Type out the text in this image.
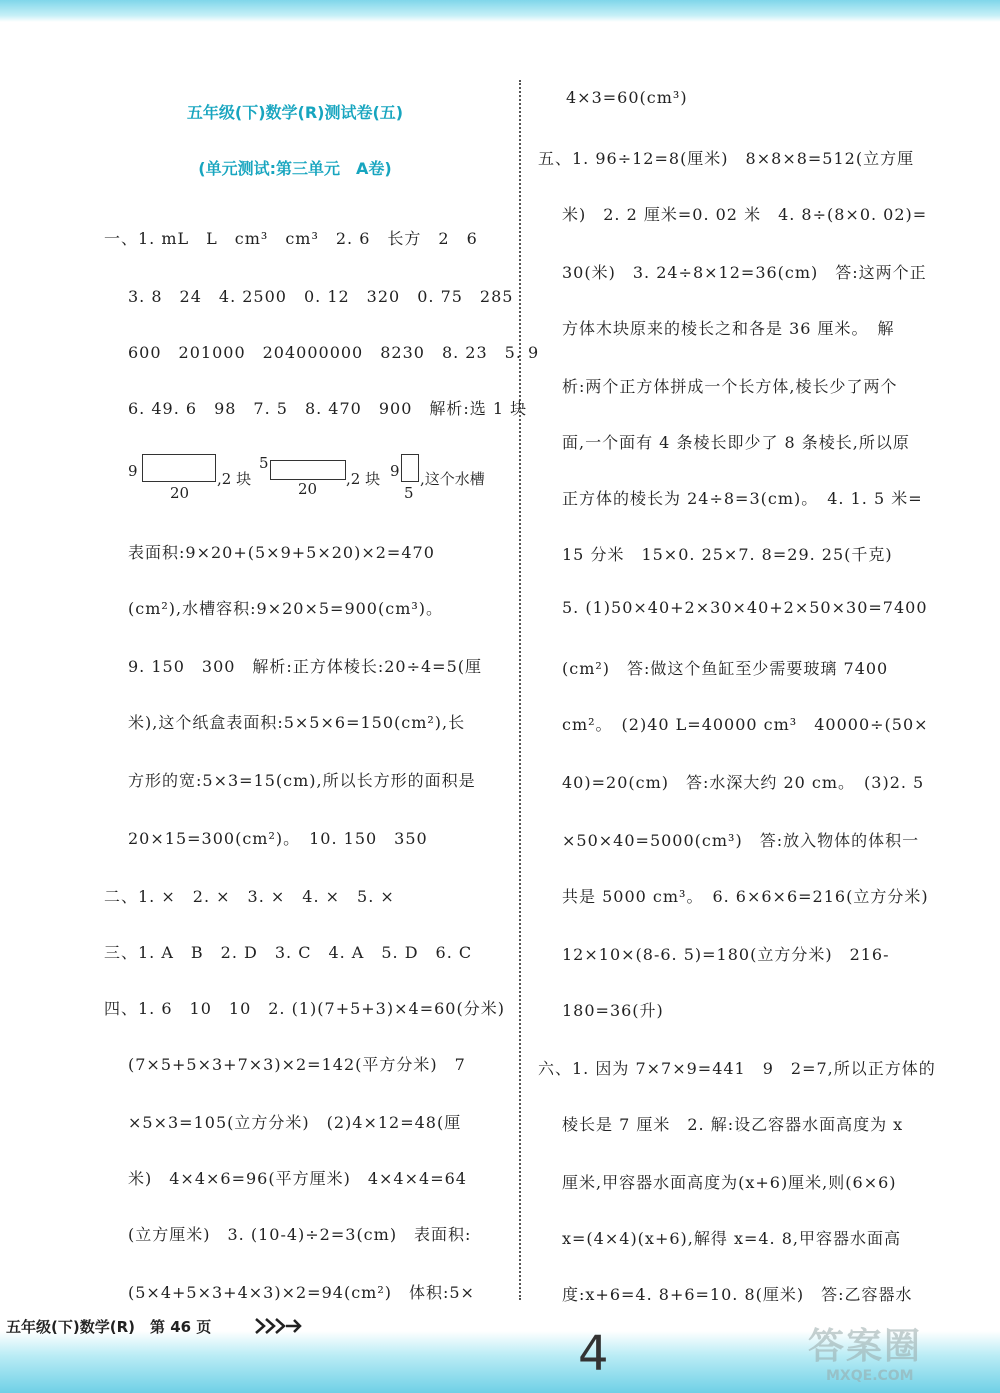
五年级(下)数学(R)测试卷(五)
(单元测试:第三单元　A卷)
一、1. mL　L　cm³　cm³　2. 6　长方　2　6
3. 8　24　4. 2500　0. 12　320　0. 75　285
600　201000　204000000　8230　8. 23　5. 9
6. 49. 6　98　7. 5　8. 470　900　解析:选 1 块
表面积:9×20+(5×9+5×20)×2=470
(cm²),水槽容积:9×20×5=900(cm³)。
9. 150　300　解析:正方体棱长:20÷4=5(厘
米),这个纸盒表面积:5×5×6=150(cm²),长
方形的宽:5×3=15(cm),所以长方形的面积是
20×15=300(cm²)。　10. 150　350
二、1. ×　2. ×　3. ×　4. ×　5. ×
三、1. A　B　2. D　3. C　4. A　5. D　6. C
四、1. 6　10　10　2. (1)(7+5+3)×4=60(分米)
(7×5+5×3+7×3)×2=142(平方分米)　7
×5×3=105(立方分米)　(2)4×12=48(厘
米)　4×4×6=96(平方厘米)　4×4×4=64
(立方厘米)　3. (10-4)÷2=3(cm)　表面积:
(5×4+5×3+4×3)×2=94(cm²)　体积:5×
9
20
,2 块
5
20
,2 块 9
5
,这个水槽
4×3=60(cm³)
五、1. 96÷12=8(厘米)　8×8×8=512(立方厘
米)　2. 2 厘米=0. 02 米　4. 8÷(8×0. 02)=
30(米)　3. 24÷8×12=36(cm)　答:这两个正
方体木块原来的棱长之和各是 36 厘米。　解
析:两个正方体拼成一个长方体,棱长少了两个
面,一个面有 4 条棱长即少了 8 条棱长,所以原
正方体的棱长为 24÷8=3(cm)。　4. 1. 5 米=
15 分米　15×0. 25×7. 8=29. 25(千克)
5. (1)50×40+2×30×40+2×50×30=7400
(cm²)　答:做这个鱼缸至少需要玻璃 7400
cm²。　(2)40 L=40000 cm³　40000÷(50×
40)=20(cm)　答:水深大约 20 cm。　(3)2. 5
×50×40=5000(cm³)　答:放入物体的体积一
共是 5000 cm³。　6. 6×6×6=216(立方分米)
12×10×(8-6. 5)=180(立方分米)　216-
180=36(升)
六、1. 因为 7×7×9=441　9　2=7,所以正方体的
棱长是 7 厘米　2. 解:设乙容器水面高度为 x
厘米,甲容器水面高度为(x+6)厘米,则(6×6)
x=(4×4)(x+6),解得 x=4. 8,甲容器水面高
度:x+6=4. 8+6=10. 8(厘米)　答:乙容器水
五年级(下)数学(R)　第 46 页	4	答案圈
MXQE.COM
